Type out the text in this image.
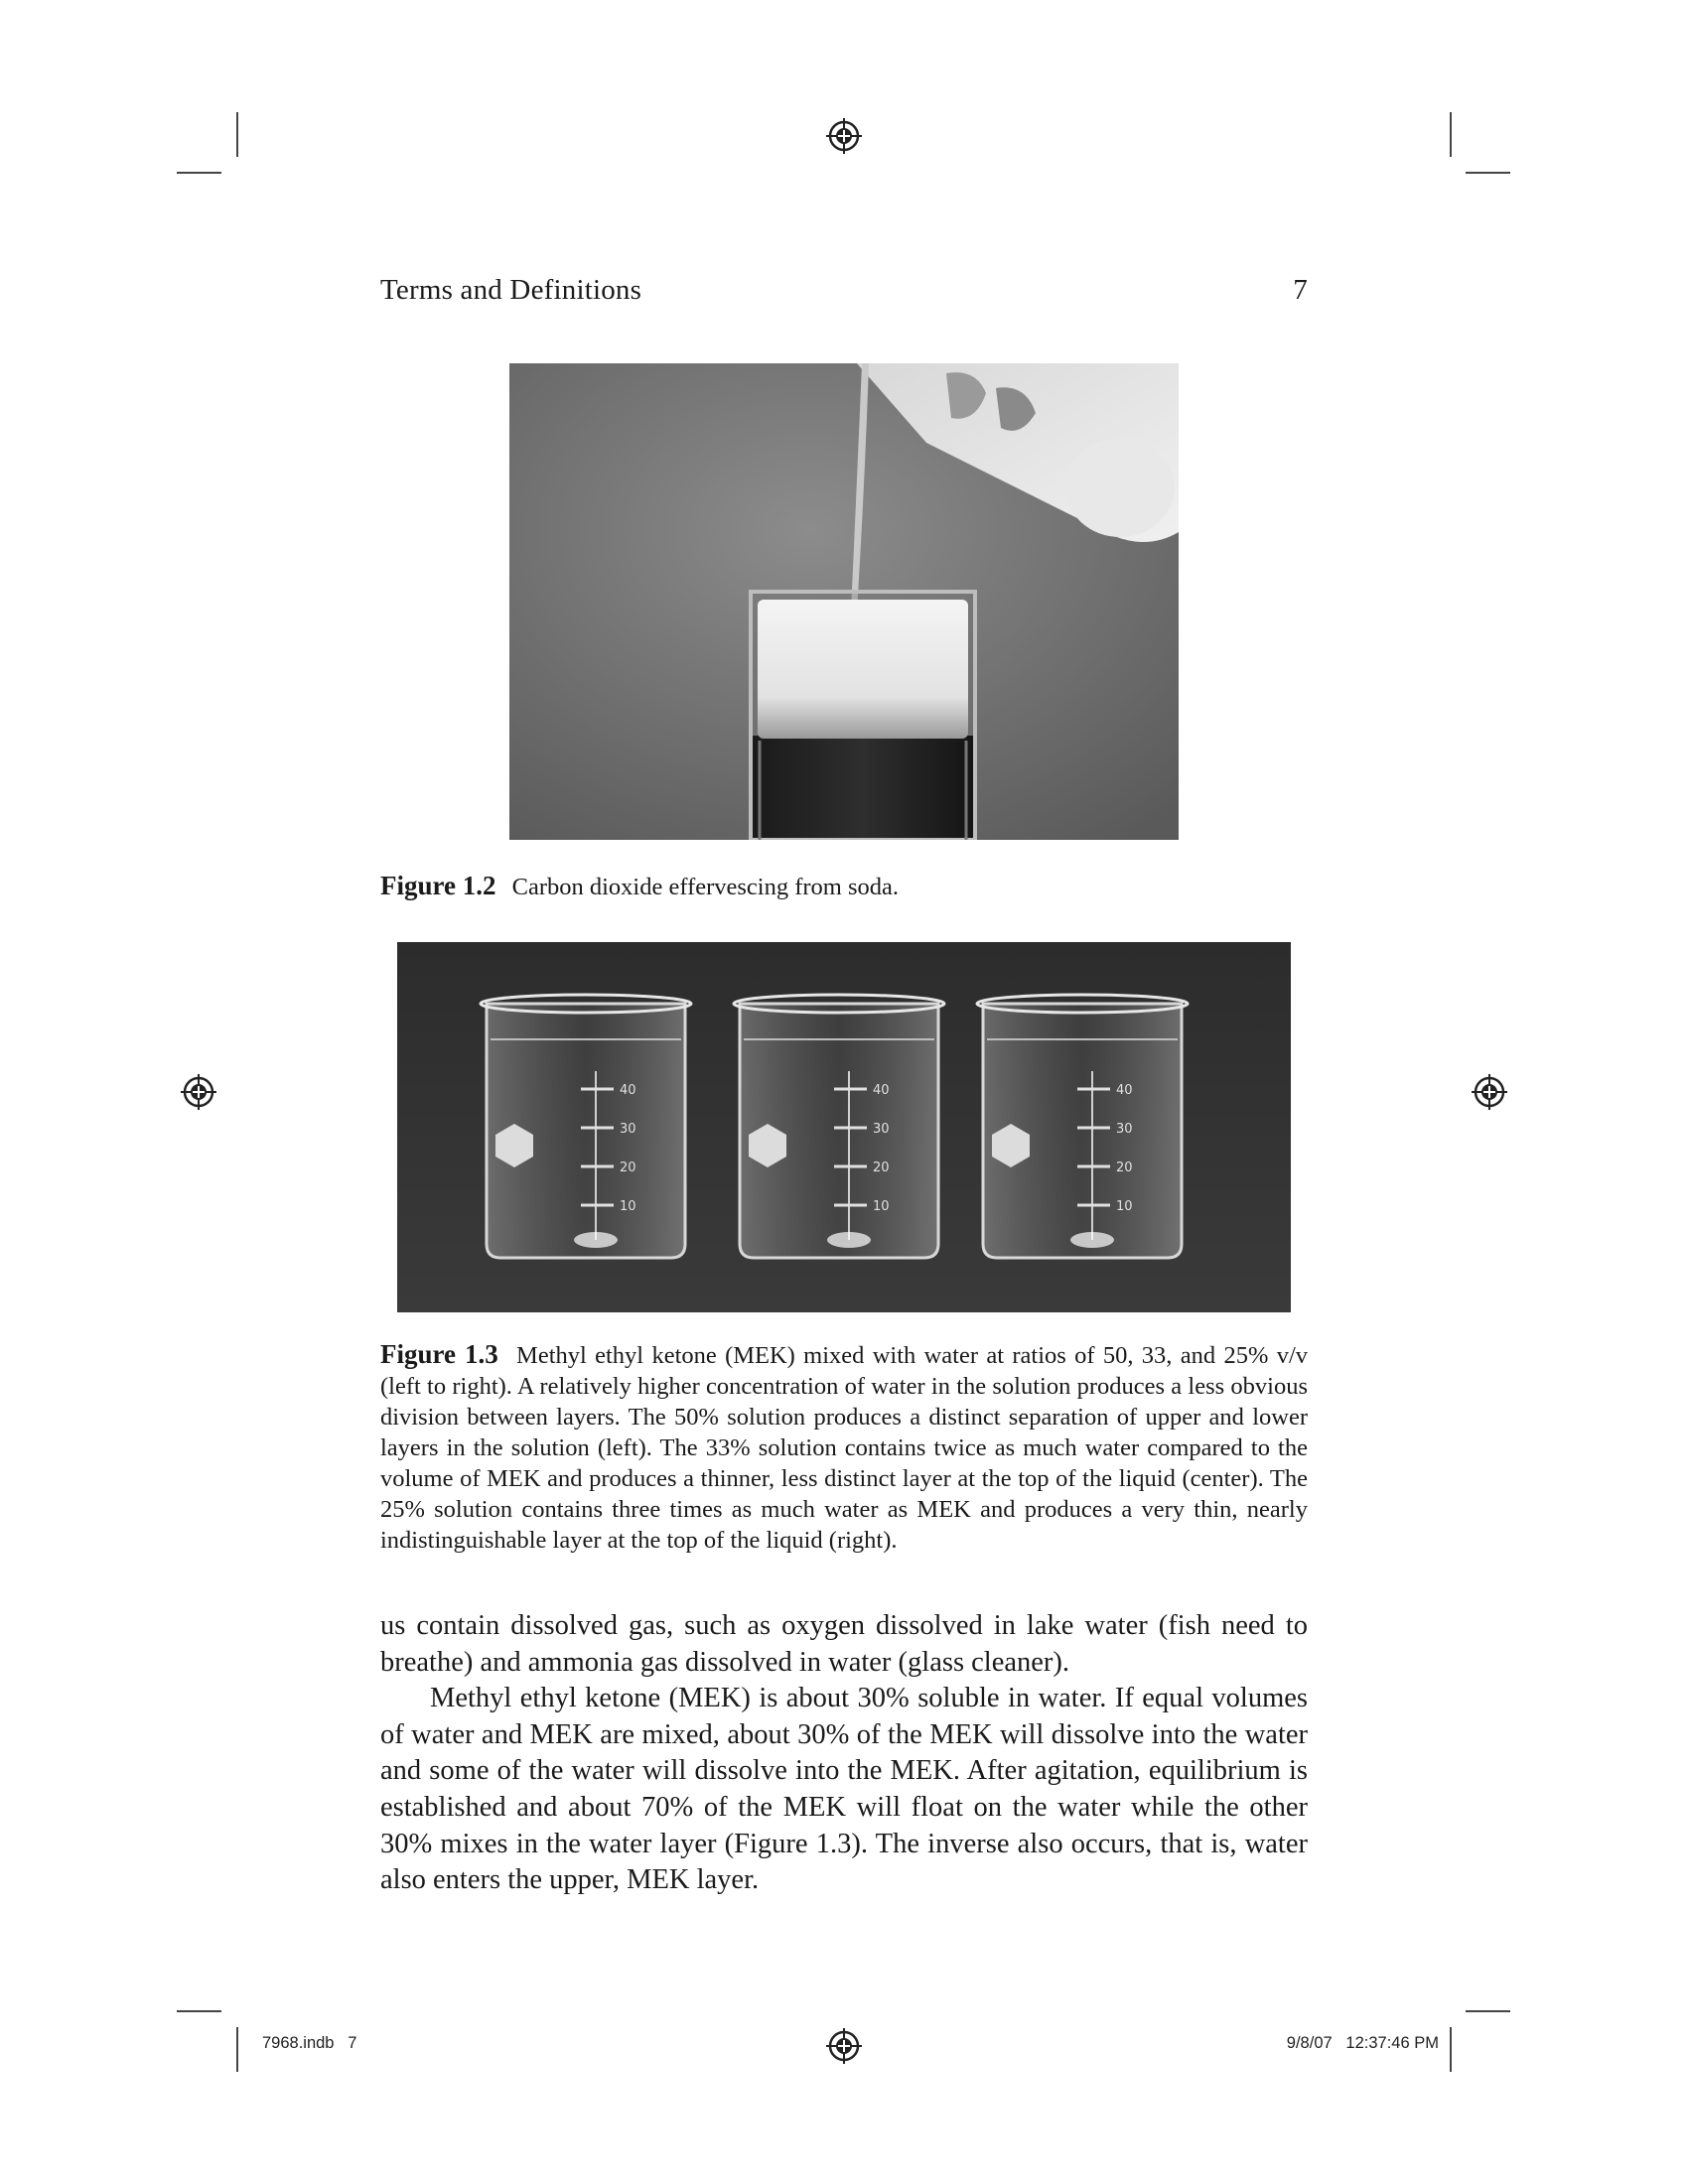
Terms and Definitions	7
Figure 1.2 Carbon dioxide effervescing from soda.
40
30
20
10
40
30
20
10
40
30
20
10
Figure 1.3 Methyl ethyl ketone (MEK) mixed with water at ratios of 50, 33, and 25% v/v (left to right). A relatively higher concentration of water in the solution produces a less obvious division between layers. The 50% solution produces a distinct separation of upper and lower layers in the solution (left). The 33% solution contains twice as much water compared to the volume of MEK and produces a thinner, less distinct layer at the top of the liquid (center). The 25% solution contains three times as much water as MEK and produces a very thin, nearly indistinguishable layer at the top of the liquid (right).

us contain dissolved gas, such as oxygen dissolved in lake water (fish need to breathe) and ammonia gas dissolved in water (glass cleaner).

Methyl ethyl ketone (MEK) is about 30% soluble in water. If equal volumes of water and MEK are mixed, about 30% of the MEK will dissolve into the water and some of the water will dissolve into the MEK. After agitation, equilibrium is established and about 70% of the MEK will float on the water while the other 30% mixes in the water layer (Figure 1.3). The inverse also occurs, that is, water also enters the upper, MEK layer.

7968.indb   7	9/8/07   12:37:46 PM
